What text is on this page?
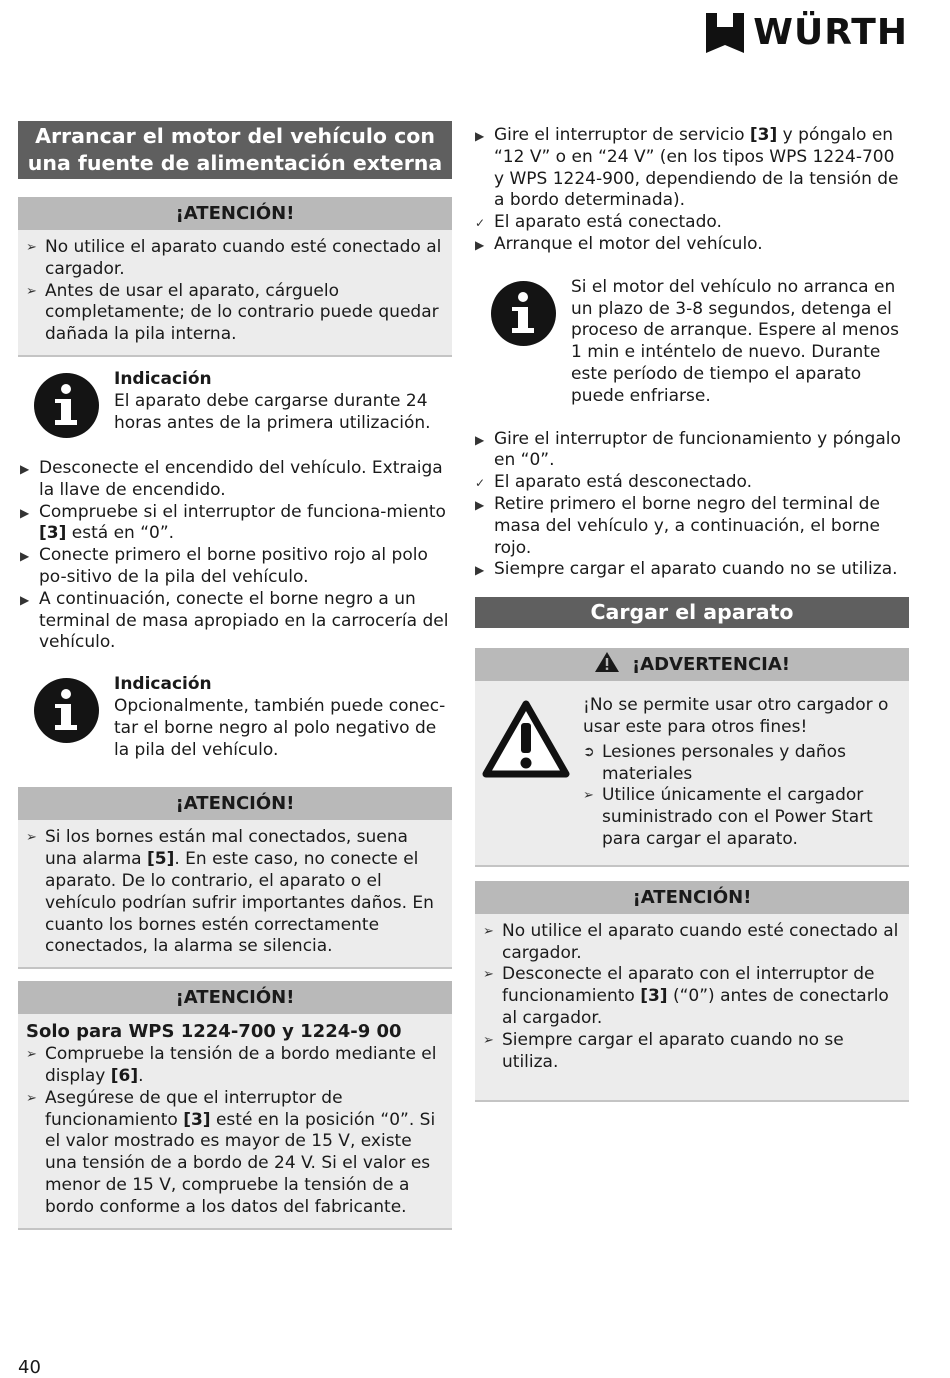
WÜRTH
Arrancar el motor del vehículo con una fuente de alimentación externa
¡ATENCIÓN!
➢ No utilice el aparato cuando esté conectado al cargador.
➢ Antes de usar el aparato, cárguelo completamente; de lo contrario puede quedar dañada la pila interna.
Indicación
El aparato debe cargarse durante 24 horas antes de la primera utilización.
▶ Desconecte el encendido del vehículo. Extraiga la llave de encendido.
▶ Compruebe si el interruptor de funciona-miento [3] está en “0”.
▶ Conecte primero el borne positivo rojo al polo po-sitivo de la pila del vehículo.
▶ A continuación, conecte el borne negro a un terminal de masa apropiado en la carrocería del vehículo.
Indicación
Opcionalmente, también puede conec-tar el borne negro al polo negativo de la pila del vehículo.
¡ATENCIÓN!
➢ Si los bornes están mal conectados, suena una alarma [5]. En este caso, no conecte el aparato. De lo contrario, el aparato o el vehículo podrían sufrir importantes daños. En cuanto los bornes estén correctamente conectados, la alarma se silencia.
¡ATENCIÓN!
Solo para WPS 1224-700 y 1224-9 00
➢ Compruebe la tensión de a bordo mediante el display [6].
➢ Asegúrese de que el interruptor de funcionamiento [3] esté en la posición “0”. Si el valor mostrado es mayor de 15 V, existe una tensión de a bordo de 24 V. Si el valor es menor de 15 V, compruebe la tensión de a bordo conforme a los datos del fabricante.
▶ Gire el interruptor de servicio [3] y póngalo en “12 V” o en “24 V” (en los tipos WPS 1224-700 y WPS 1224-900, dependiendo de la tensión de a bordo determinada).
✓ El aparato está conectado.
▶ Arranque el motor del vehículo.
Si el motor del vehículo no arranca en un plazo de 3-8 segundos, detenga el proceso de arranque. Espere al menos 1 min e inténtelo de nuevo. Durante este período de tiempo el aparato puede enfriarse.
▶ Gire el interruptor de funcionamiento y póngalo en “0”.
✓ El aparato está desconectado.
▶ Retire primero el borne negro del terminal de masa del vehículo y, a continuación, el borne rojo.
▶ Siempre cargar el aparato cuando no se utiliza.
Cargar el aparato
¡ADVERTENCIA!
¡No se permite usar otro cargador o usar este para otros fines!
➲ Lesiones personales y daños materiales
➢ Utilice únicamente el cargador suministrado con el Power Start para cargar el aparato.
¡ATENCIÓN!
➢ No utilice el aparato cuando esté conectado al cargador.
➢ Desconecte el aparato con el interruptor de funcionamiento [3] (“0”) antes de conectarlo al cargador.
➢ Siempre cargar el aparato cuando no se utiliza.
40
